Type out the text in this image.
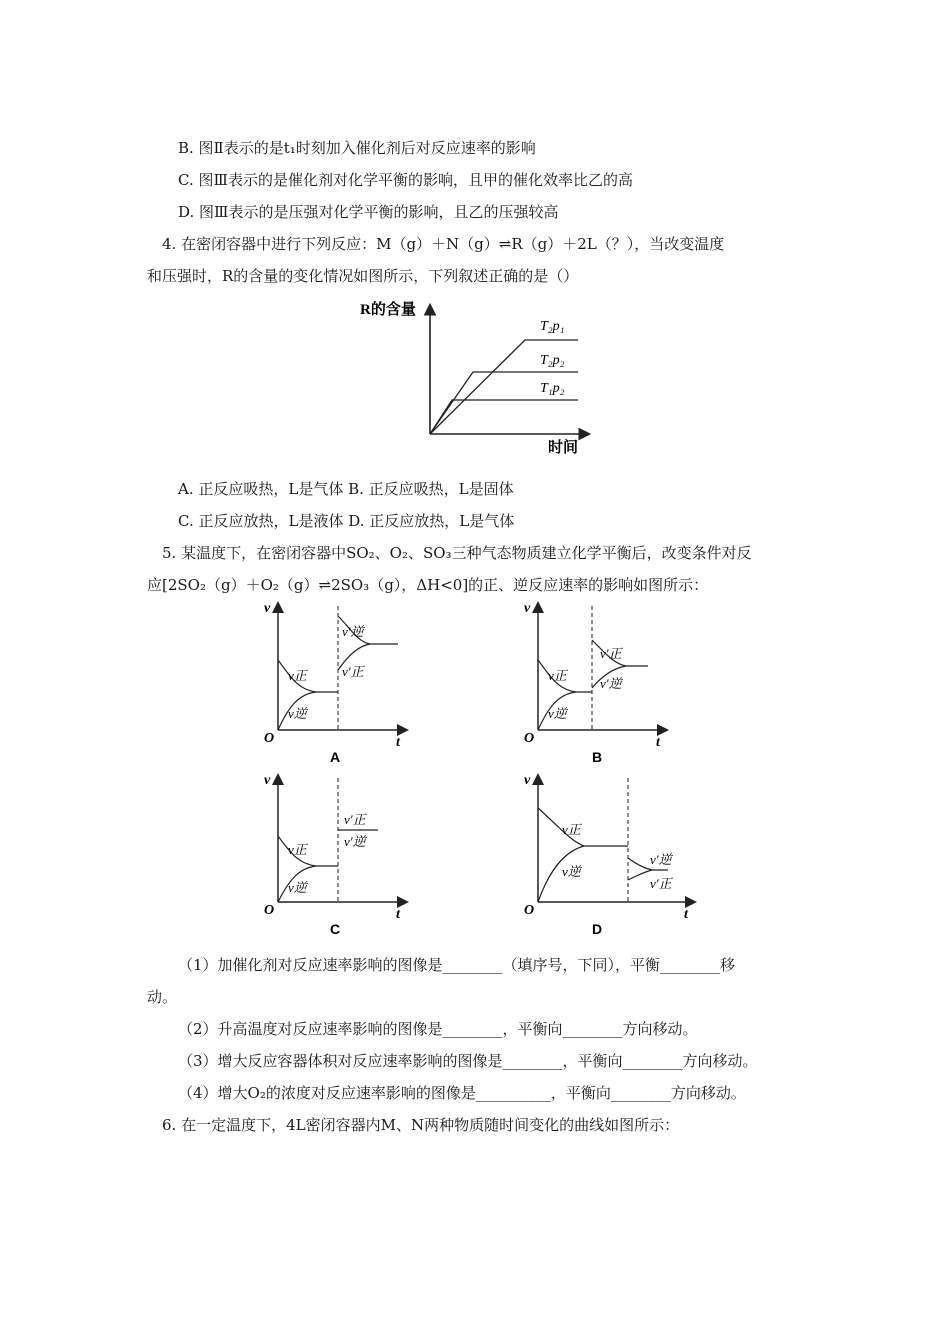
B. 图Ⅱ表示的是t₁时刻加入催化剂后对反应速率的影响
C. 图Ⅲ表示的是催化剂对化学平衡的影响，且甲的催化效率比乙的高
D. 图Ⅲ表示的是压强对化学平衡的影响，且乙的压强较高
4. 在密闭容器中进行下列反应：M（g）＋N（g）⇌R（g）＋2L（？），当改变温度
和压强时，R的含量的变化情况如图所示，下列叙述正确的是（）
R的含量
时间
T₂p₁
T₂p₂
T₁p₂
A. 正反应吸热，L是气体 B. 正反应吸热，L是固体
C. 正反应放热，L是液体 D. 正反应放热，L是气体
5. 某温度下，在密闭容器中SO₂、O₂、SO₃三种气态物质建立化学平衡后，改变条件对反
应[2SO₂（g）＋O₂（g）⇌2SO₃（g），ΔH<0]的正、逆反应速率的影响如图所示：
v
t
O
v正
v逆
v′逆
v′正
A
v
t
O
v正
v逆
v′正
v′逆
B
v
t
O
v正
v逆
v′正
v′逆
C
v
t
O
v正
v逆
v′逆
v′正
D
（1）加催化剂对反应速率影响的图像是________（填序号，下同），平衡________移
动。
（2）升高温度对反应速率影响的图像是________，平衡向________方向移动。
（3）增大反应容器体积对反应速率影响的图像是________，平衡向________方向移动。
（4）增大O₂的浓度对反应速率影响的图像是__________，平衡向________方向移动。
6. 在一定温度下，4L密闭容器内M、N两种物质随时间变化的曲线如图所示：
